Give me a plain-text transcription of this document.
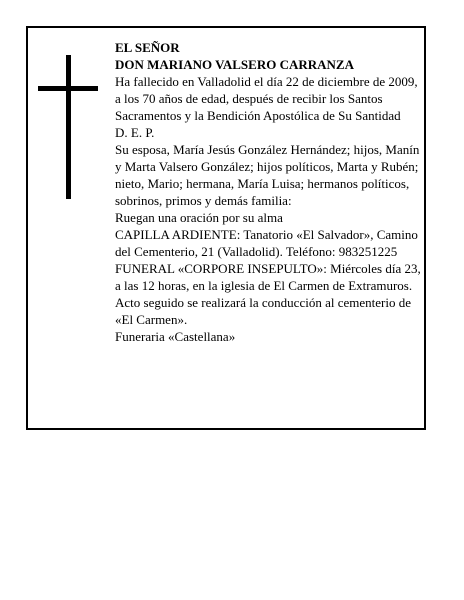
EL SEÑOR

DON MARIANO VALSERO CARRANZA

Ha fallecido en Valladolid el día 22 de diciembre de 2009, a los 70 años de edad, después de recibir los Santos Sacramentos y la Bendición Apostólica de Su Santidad

D. E. P.

Su esposa, María Jesús González Hernández; hijos, Manín y Marta Valsero González; hijos políticos, Marta y Rubén; nieto, Mario; hermana, María Luisa; hermanos políticos, sobrinos, primos y demás familia:

Ruegan una oración por su alma

CAPILLA ARDIENTE: Tanatorio «El Salvador», Camino del Cementerio, 21 (Valladolid). Teléfono: 983251225

FUNERAL «CORPORE INSEPULTO»: Miércoles día 23, a las 12 horas, en la iglesia de El Carmen de Extramuros. Acto seguido se realizará la conducción al cementerio de «El Carmen».

Funeraria «Castellana»
